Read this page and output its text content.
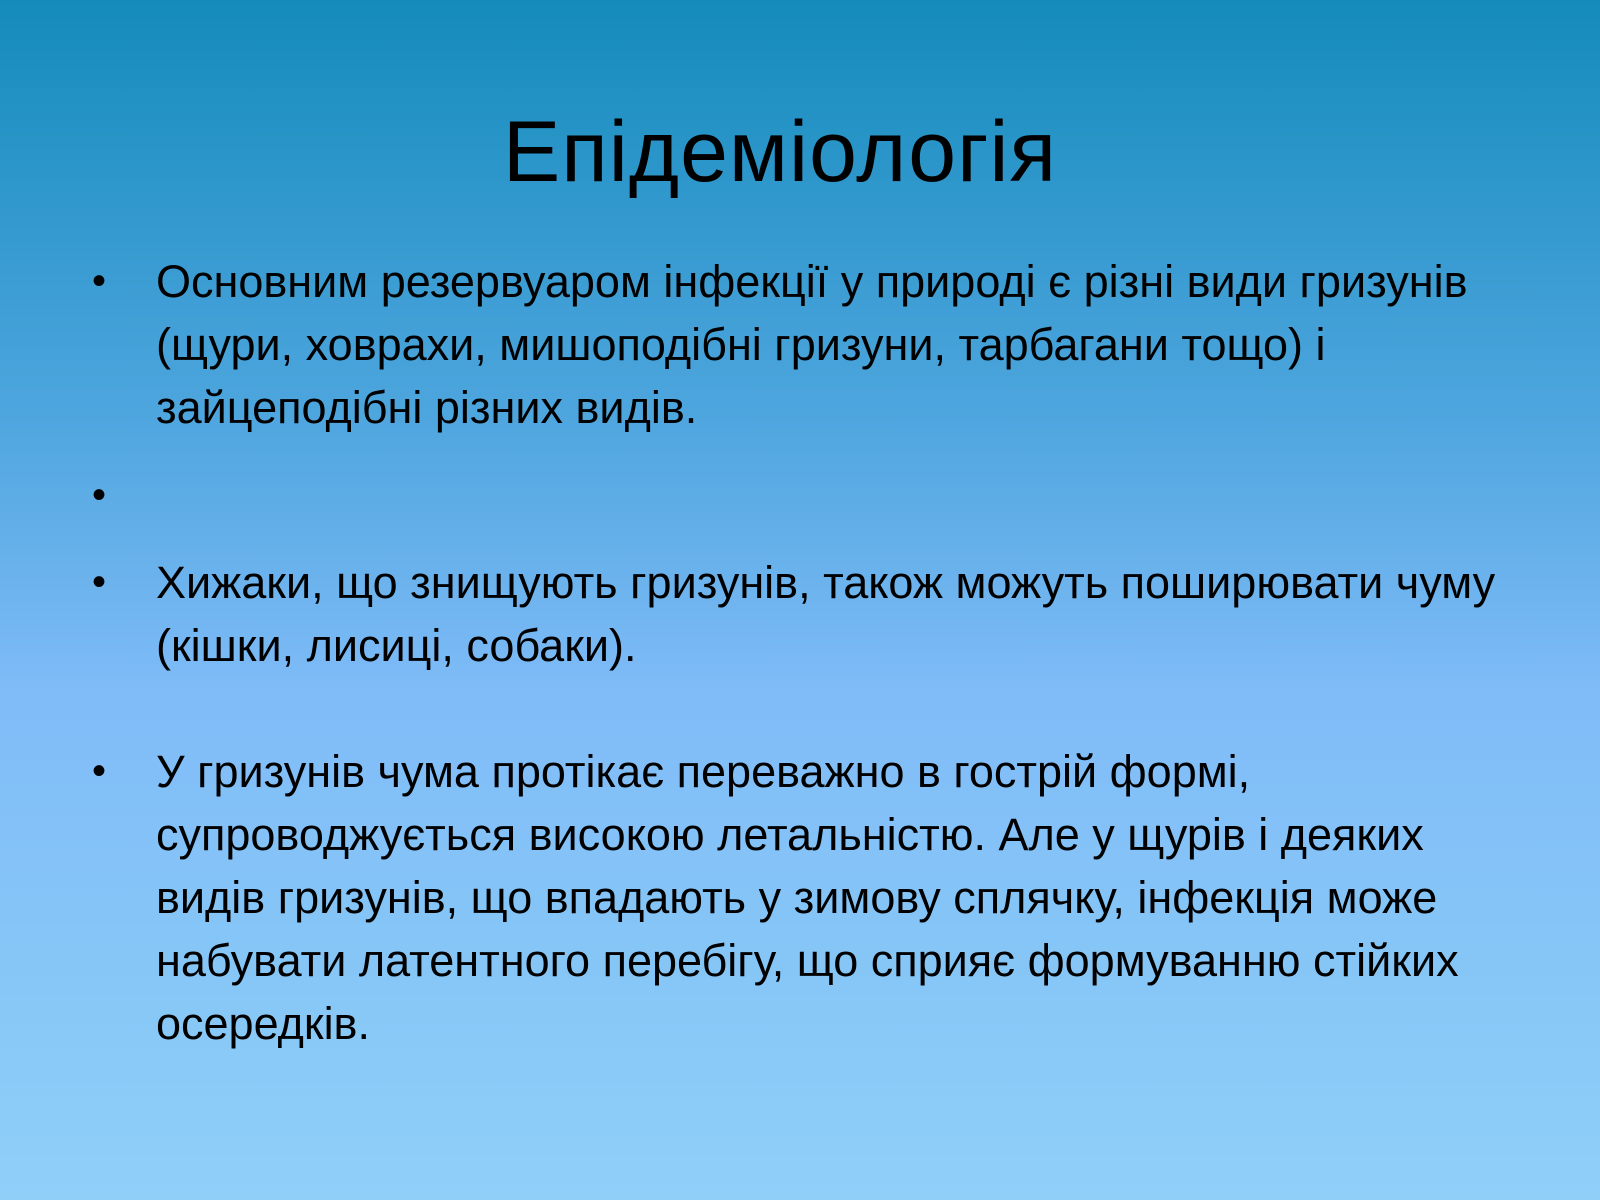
Епідеміологія
•	Основним резервуаром інфекції у природі є різні види гризунів (щури, ховрахи, мишоподібні гризуни, тарбагани тощо) і зайцеподібні різних видів.
•
•	Хижаки, що знищують гризунів, також можуть поширювати чуму (кішки, лисиці, собаки).
•	У гризунів чума протікає переважно в гострій формі, супроводжується високою летальністю. Але у щурів і деяких видів гризунів, що впадають у зимову сплячку, інфекція може набувати латентного перебігу, що сприяє формуванню стійких осередків.
